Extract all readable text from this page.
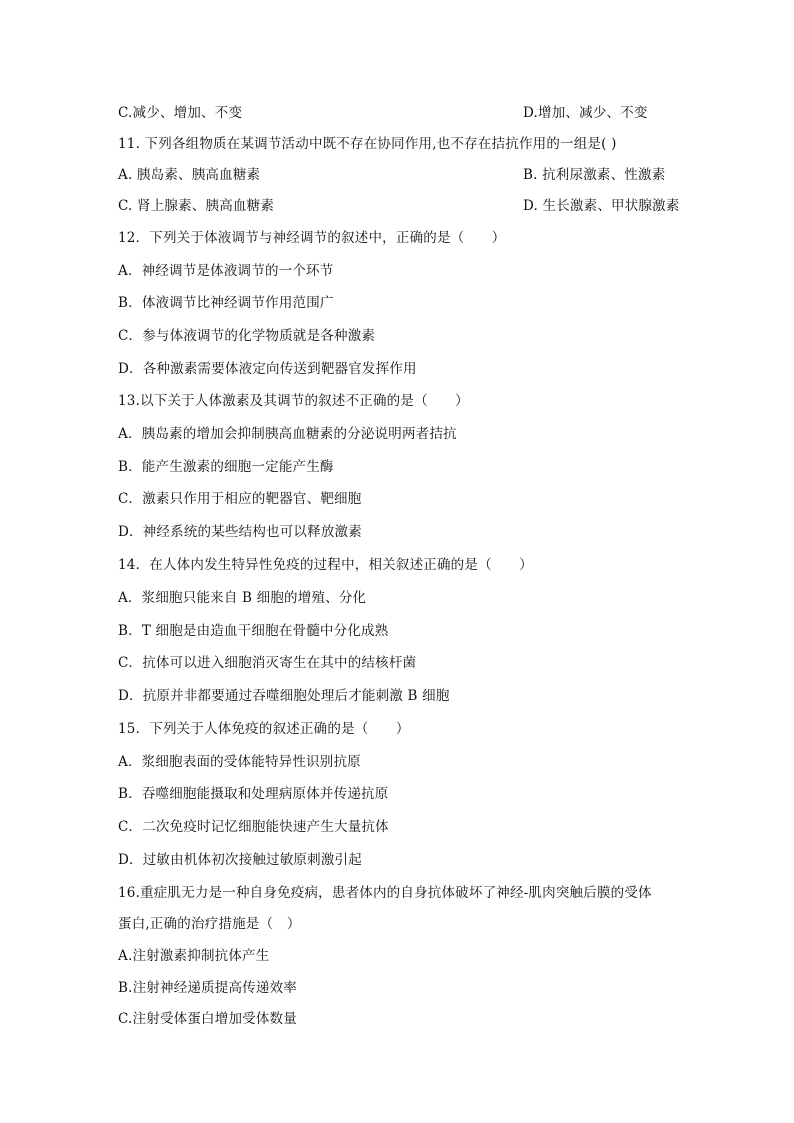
C.减少、增加、不变	D.增加、减少、不变
11. 下列各组物质在某调节活动中既不存在协同作用,也不存在拮抗作用的一组是( )
A. 胰岛素、胰高血糖素	B. 抗利尿激素、性激素
C. 肾上腺素、胰高血糖素	D. 生长激素、甲状腺激素
12．下列关于体液调节与神经调节的叙述中，正确的是（　　）
A．神经调节是体液调节的一个环节
B．体液调节比神经调节作用范围广
C．参与体液调节的化学物质就是各种激素
D．各种激素需要体液定向传送到靶器官发挥作用
13.以下关于人体激素及其调节的叙述不正确的是（　　）
A．胰岛素的增加会抑制胰高血糖素的分泌说明两者拮抗
B．能产生激素的细胞一定能产生酶
C．激素只作用于相应的靶器官、靶细胞
D．神经系统的某些结构也可以释放激素
14．在人体内发生特异性免疫的过程中，相关叙述正确的是（　　）
A．浆细胞只能来自 B 细胞的增殖、分化
B．T 细胞是由造血干细胞在骨髓中分化成熟
C．抗体可以进入细胞消灭寄生在其中的结核杆菌
D．抗原并非都要通过吞噬细胞处理后才能刺激 B 细胞
15．下列关于人体免疫的叙述正确的是（　　）
A．浆细胞表面的受体能特异性识别抗原
B．吞噬细胞能摄取和处理病原体并传递抗原
C．二次免疫时记忆细胞能快速产生大量抗体
D．过敏由机体初次接触过敏原刺激引起
16.重症肌无力是一种自身免疫病，患者体内的自身抗体破坏了神经-肌肉突触后膜的受体
蛋白,正确的治疗措施是（　）
A.注射激素抑制抗体产生
B.注射神经递质提高传递效率
C.注射受体蛋白增加受体数量
